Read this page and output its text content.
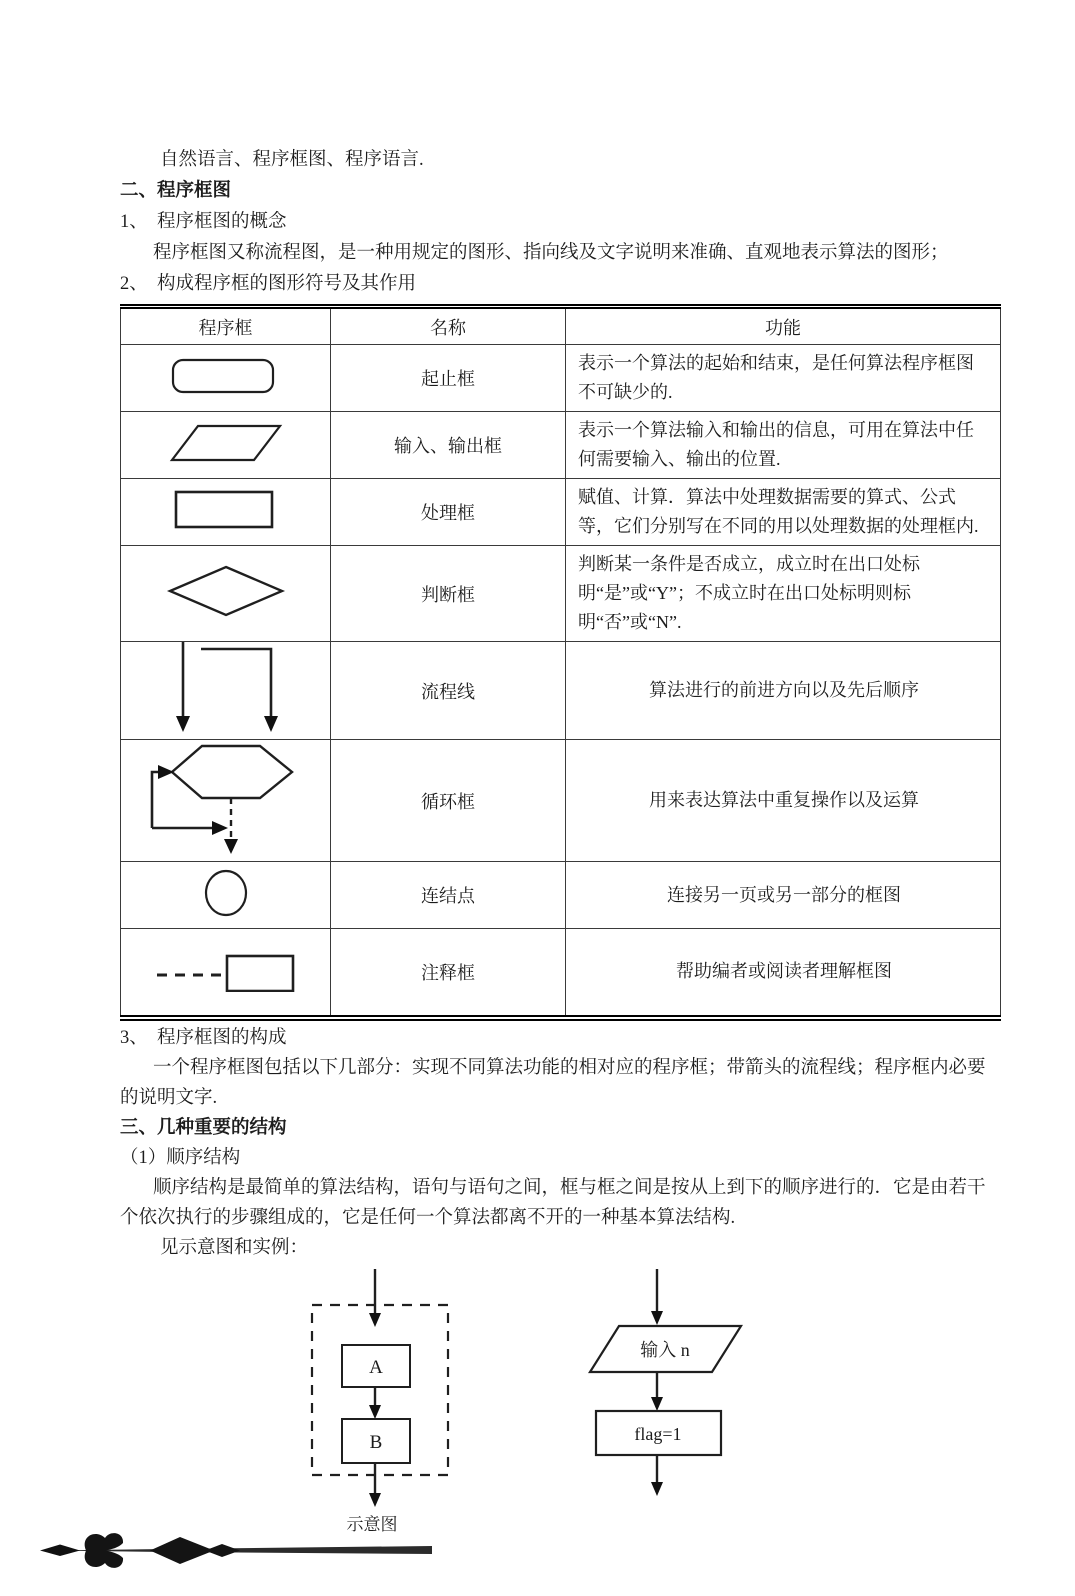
自然语言、程序框图、程序语言.
二、程序框图
1、 程序框图的概念
程序框图又称流程图，是一种用规定的图形、指向线及文字说明来准确、直观地表示算法的图形；
2、 构成程序框的图形符号及其作用
程序框	名称	功能
	起止框	表示一个算法的起始和结束，是任何算法程序框图不可缺少的.
	输入、输出框	表示一个算法输入和输出的信息，可用在算法中任何需要输入、输出的位置.
	处理框	赋值、计算．算法中处理数据需要的算式、公式等，它们分别写在不同的用以处理数据的处理框内.
	判断框	判断某一条件是否成立，成立时在出口处标明“是”或“Y”；不成立时在出口处标明则标明“否”或“N”.
	流程线	算法进行的前进方向以及先后顺序
	循环框	用来表达算法中重复操作以及运算
	连结点	连接另一页或另一部分的框图
	注释框	帮助编者或阅读者理解框图
3、 程序框图的构成
一个程序框图包括以下几部分：实现不同算法功能的相对应的程序框；带箭头的流程线；程序框内必要的说明文字.
三、几种重要的结构
（1）顺序结构
顺序结构是最简单的算法结构，语句与语句之间，框与框之间是按从上到下的顺序进行的．它是由若干个依次执行的步骤组成的，它是任何一个算法都离不开的一种基本算法结构.
见示意图和实例：
A
B
示意图
输入 n
flag=1
